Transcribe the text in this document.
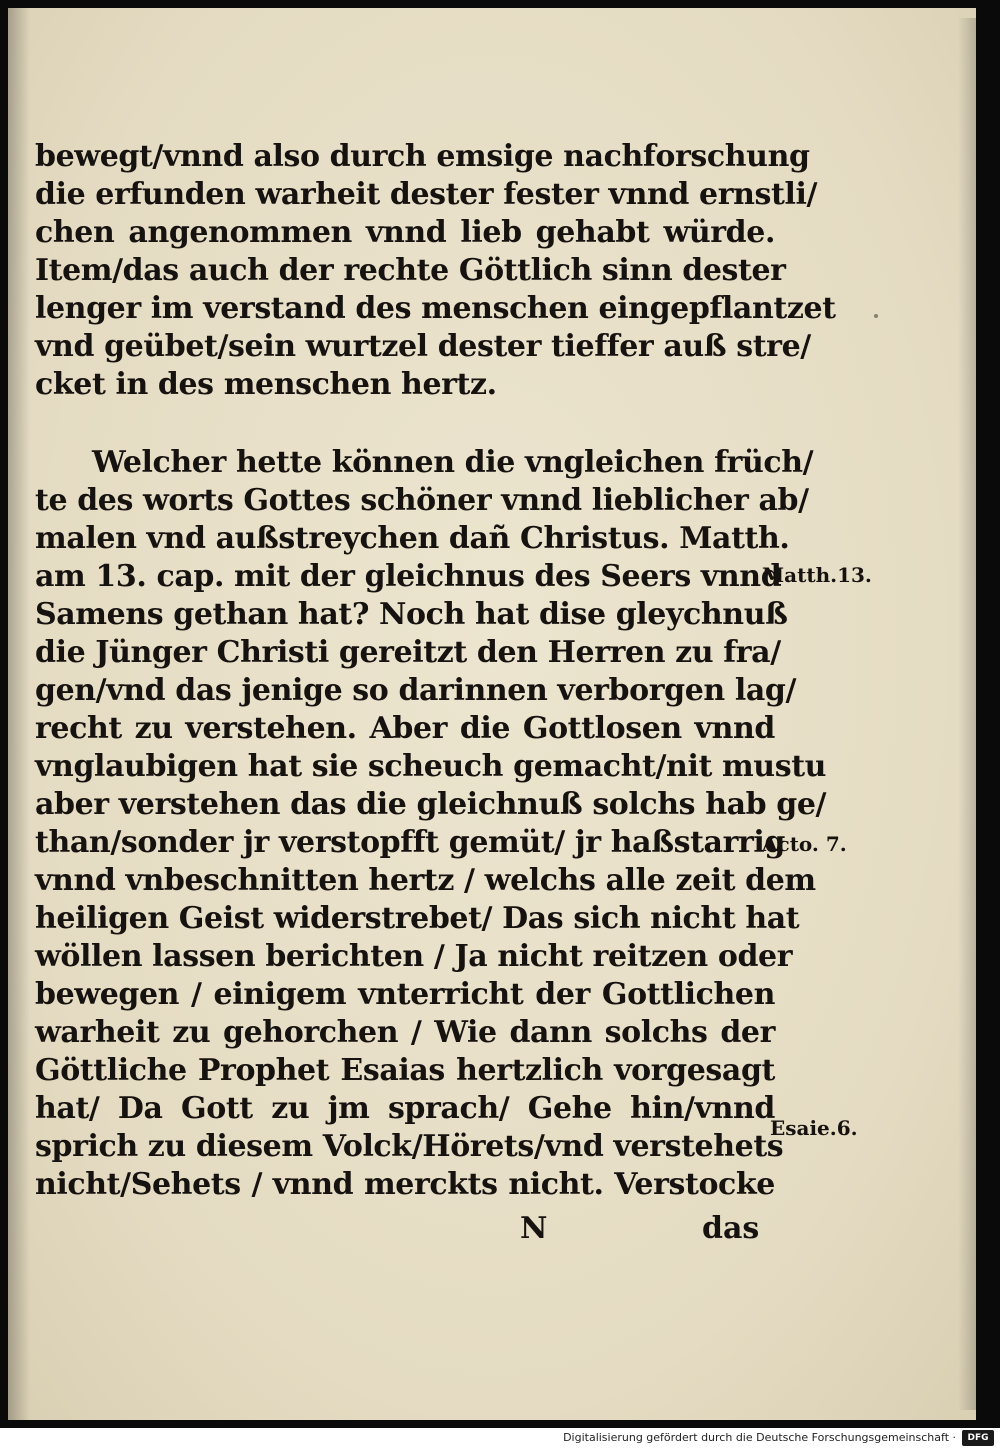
bewegt/vnnd also durch emsige nachforschung
die erfunden warheit dester fester vnnd ernstli/
chen angenommen vnnd lieb gehabt würde.
Item/das auch der rechte Göttlich sinn dester
lenger im verstand des menschen eingepflantzet
vnd geübet/sein wurtzel dester tieffer auß stre/
cket in des menschen hertz.
Welcher hette können die vngleichen früch/
te des worts Gottes schöner vnnd lieblicher ab/
malen vnd außstreychen dañ Christus. Matth.
am 13. cap. mit der gleichnus des Seers vnnd
Samens gethan hat? Noch hat dise gleychnuß
die Jünger Christi gereitzt den Herren zu fra/
gen/vnd das jenige so darinnen verborgen lag/
recht zu verstehen. Aber die Gottlosen vnnd
vnglaubigen hat sie scheuch gemacht/nit mustu
aber verstehen das die gleichnuß solchs hab ge/
than/sonder jr verstopfft gemüt/ jr haßstarrig
vnnd vnbeschnitten hertz / welchs alle zeit dem
heiligen Geist widerstrebet/ Das sich nicht hat
wöllen lassen berichten / Ja nicht reitzen oder
bewegen / einigem vnterricht der Gottlichen
warheit zu gehorchen / Wie dann solchs der
Göttliche Prophet Esaias hertzlich vorgesagt
hat/ Da Gott zu jm sprach/ Gehe hin/vnnd
sprich zu diesem Volck/Hörets/vnd verstehets
nicht/Sehets / vnnd merckts nicht. Verstocke
N	das
Matth.13.
Acto. 7.
Esaie.6.
Digitalisierung gefördert durch die Deutsche Forschungsgemeinschaft ·	DFG
